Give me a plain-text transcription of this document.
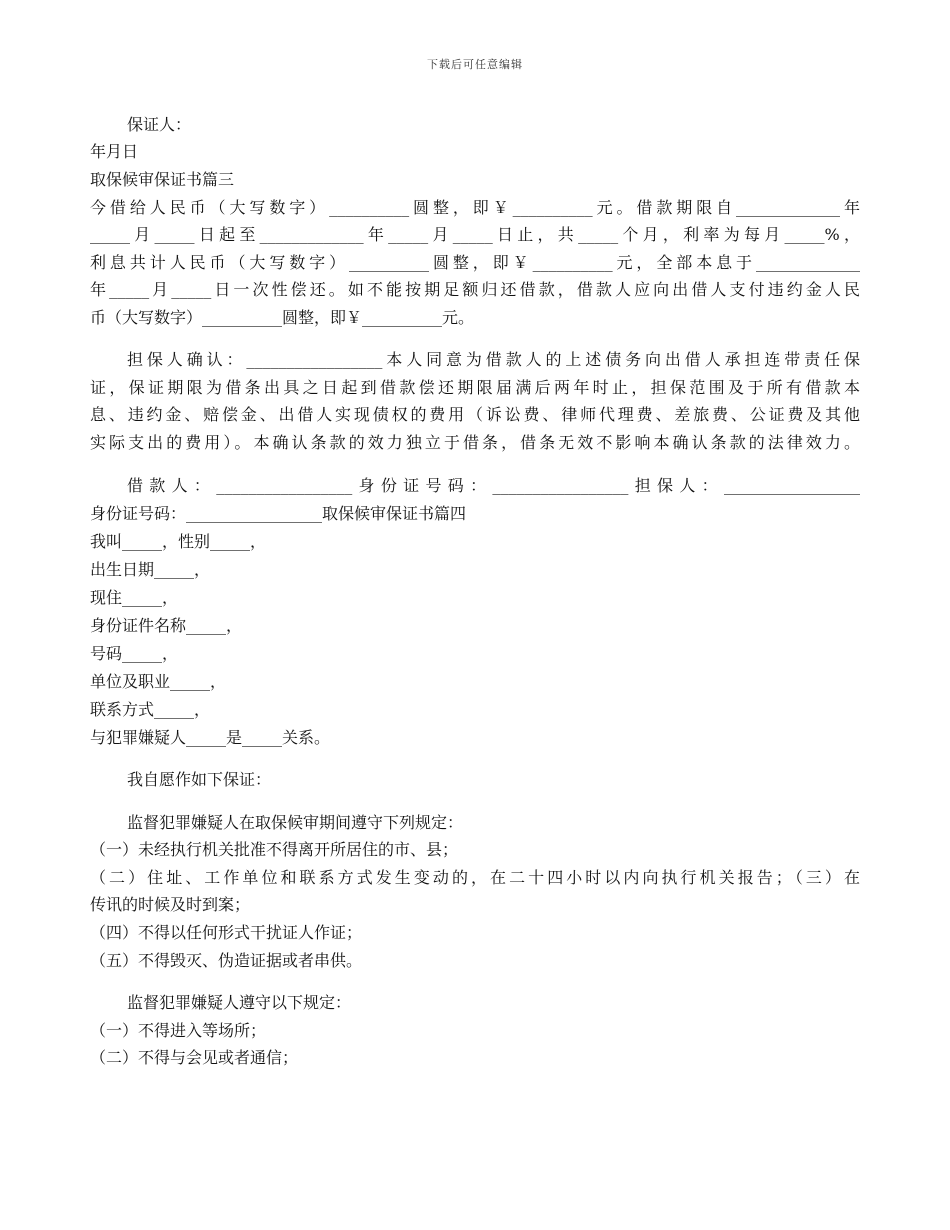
下载后可任意编辑
保证人：
年月日
取保候审保证书篇三
今借给人民币（大写数字）__________圆整，即￥__________元。借款期限自_____________年
_____月_____日起至_____________年_____月_____日止，共_____个月，利率为每月_____%，
利息共计人民币（大写数字）__________圆整，即￥__________元，全部本息于_____________
年_____月_____日一次性偿还。如不能按期足额归还借款，借款人应向出借人支付违约金人民
币（大写数字）__________圆整，即￥__________元。
担保人确认：_________________本人同意为借款人的上述债务向出借人承担连带责任保
证，保证期限为借条出具之日起到借款偿还期限届满后两年时止，担保范围及于所有借款本
息、违约金、赔偿金、出借人实现债权的费用（诉讼费、律师代理费、差旅费、公证费及其他
实际支出的费用）。本确认条款的效力独立于借条，借条无效不影响本确认条款的法律效力。
借款人：_________________身份证号码：_________________担保人：_________________
身份证号码：_________________取保候审保证书篇四
我叫_____，性别_____，
出生日期_____，
现住_____，
身份证件名称_____，
号码_____，
单位及职业_____，
联系方式_____，
与犯罪嫌疑人_____是_____关系。
我自愿作如下保证：
监督犯罪嫌疑人在取保候审期间遵守下列规定：
（一）未经执行机关批准不得离开所居住的市、县；
（二）住址、工作单位和联系方式发生变动的，在二十四小时以内向执行机关报告；（三）在
传讯的时候及时到案；
（四）不得以任何形式干扰证人作证；
（五）不得毁灭、伪造证据或者串供。
监督犯罪嫌疑人遵守以下规定：
（一）不得进入等场所；
（二）不得与会见或者通信；
